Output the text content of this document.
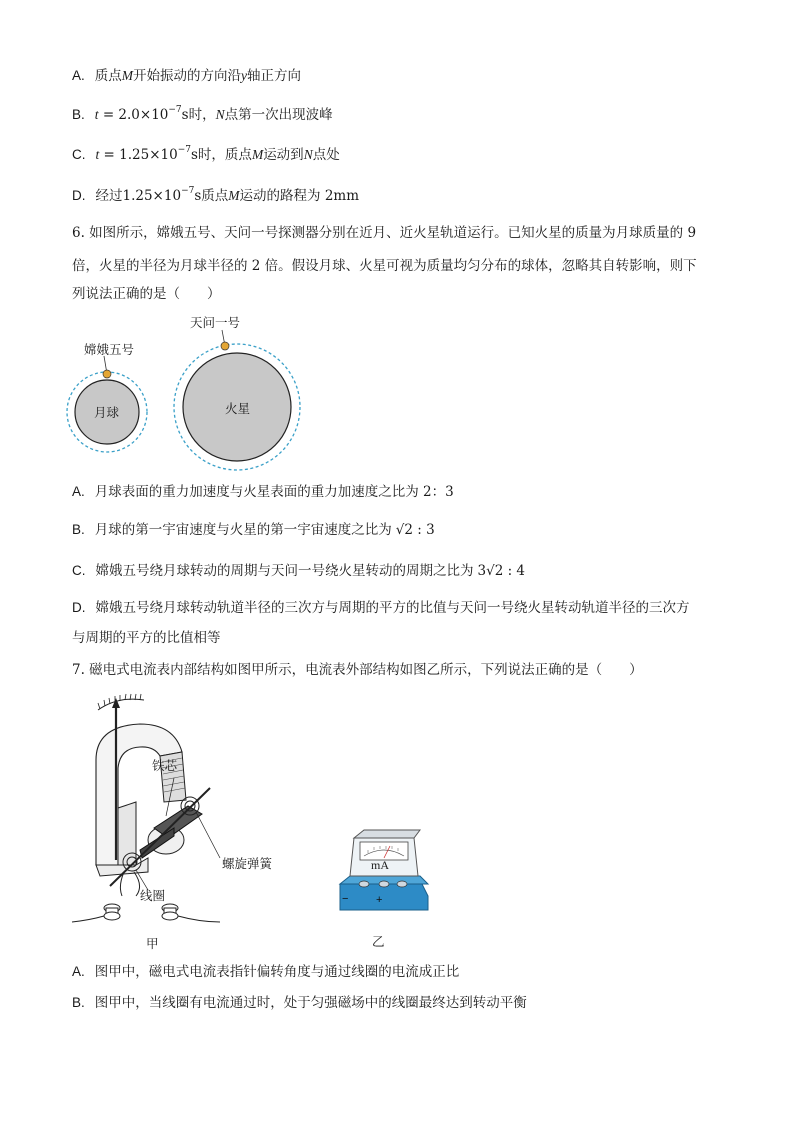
A. 质点M开始振动的方向沿y轴正方向
B. $t = 2.0\times 10^{-7}s$时，N点第一次出现波峰
C. $t = 1.25\times 10^{-7}s$时，质点M运动到N点处
D. 经过$1.25\times 10^{-7}s$质点M运动的路程为 2mm
6. 如图所示，嫦娥五号、天问一号探测器分别在近月、近火星轨道运行。已知火星的质量为月球质量的 9
倍，火星的半径为月球半径的 2 倍。假设月球、火星可视为质量均匀分布的球体，忽略其自转影响，则下
列说法正确的是（　　）
嫦娥五号
天问一号
月球	火星
A. 月球表面的重力加速度与火星表面的重力加速度之比为 2：3
B. 月球的第一宇宙速度与火星的第一宇宙速度之比为 √2 : 3
C. 嫦娥五号绕月球转动的周期与天问一号绕火星转动的周期之比为 3√2 : 4
D. 嫦娥五号绕月球转动轨道半径的三次方与周期的平方的比值与天问一号绕火星转动轨道半径的三次方
与周期的平方的比值相等
7. 磁电式电流表内部结构如图甲所示，电流表外部结构如图乙所示，下列说法正确的是（　　）
铁芯
螺旋弹簧
线圈
甲
mA
−	+
乙
A. 图甲中，磁电式电流表指针偏转角度与通过线圈的电流成正比
B. 图甲中，当线圈有电流通过时，处于匀强磁场中的线圈最终达到转动平衡
